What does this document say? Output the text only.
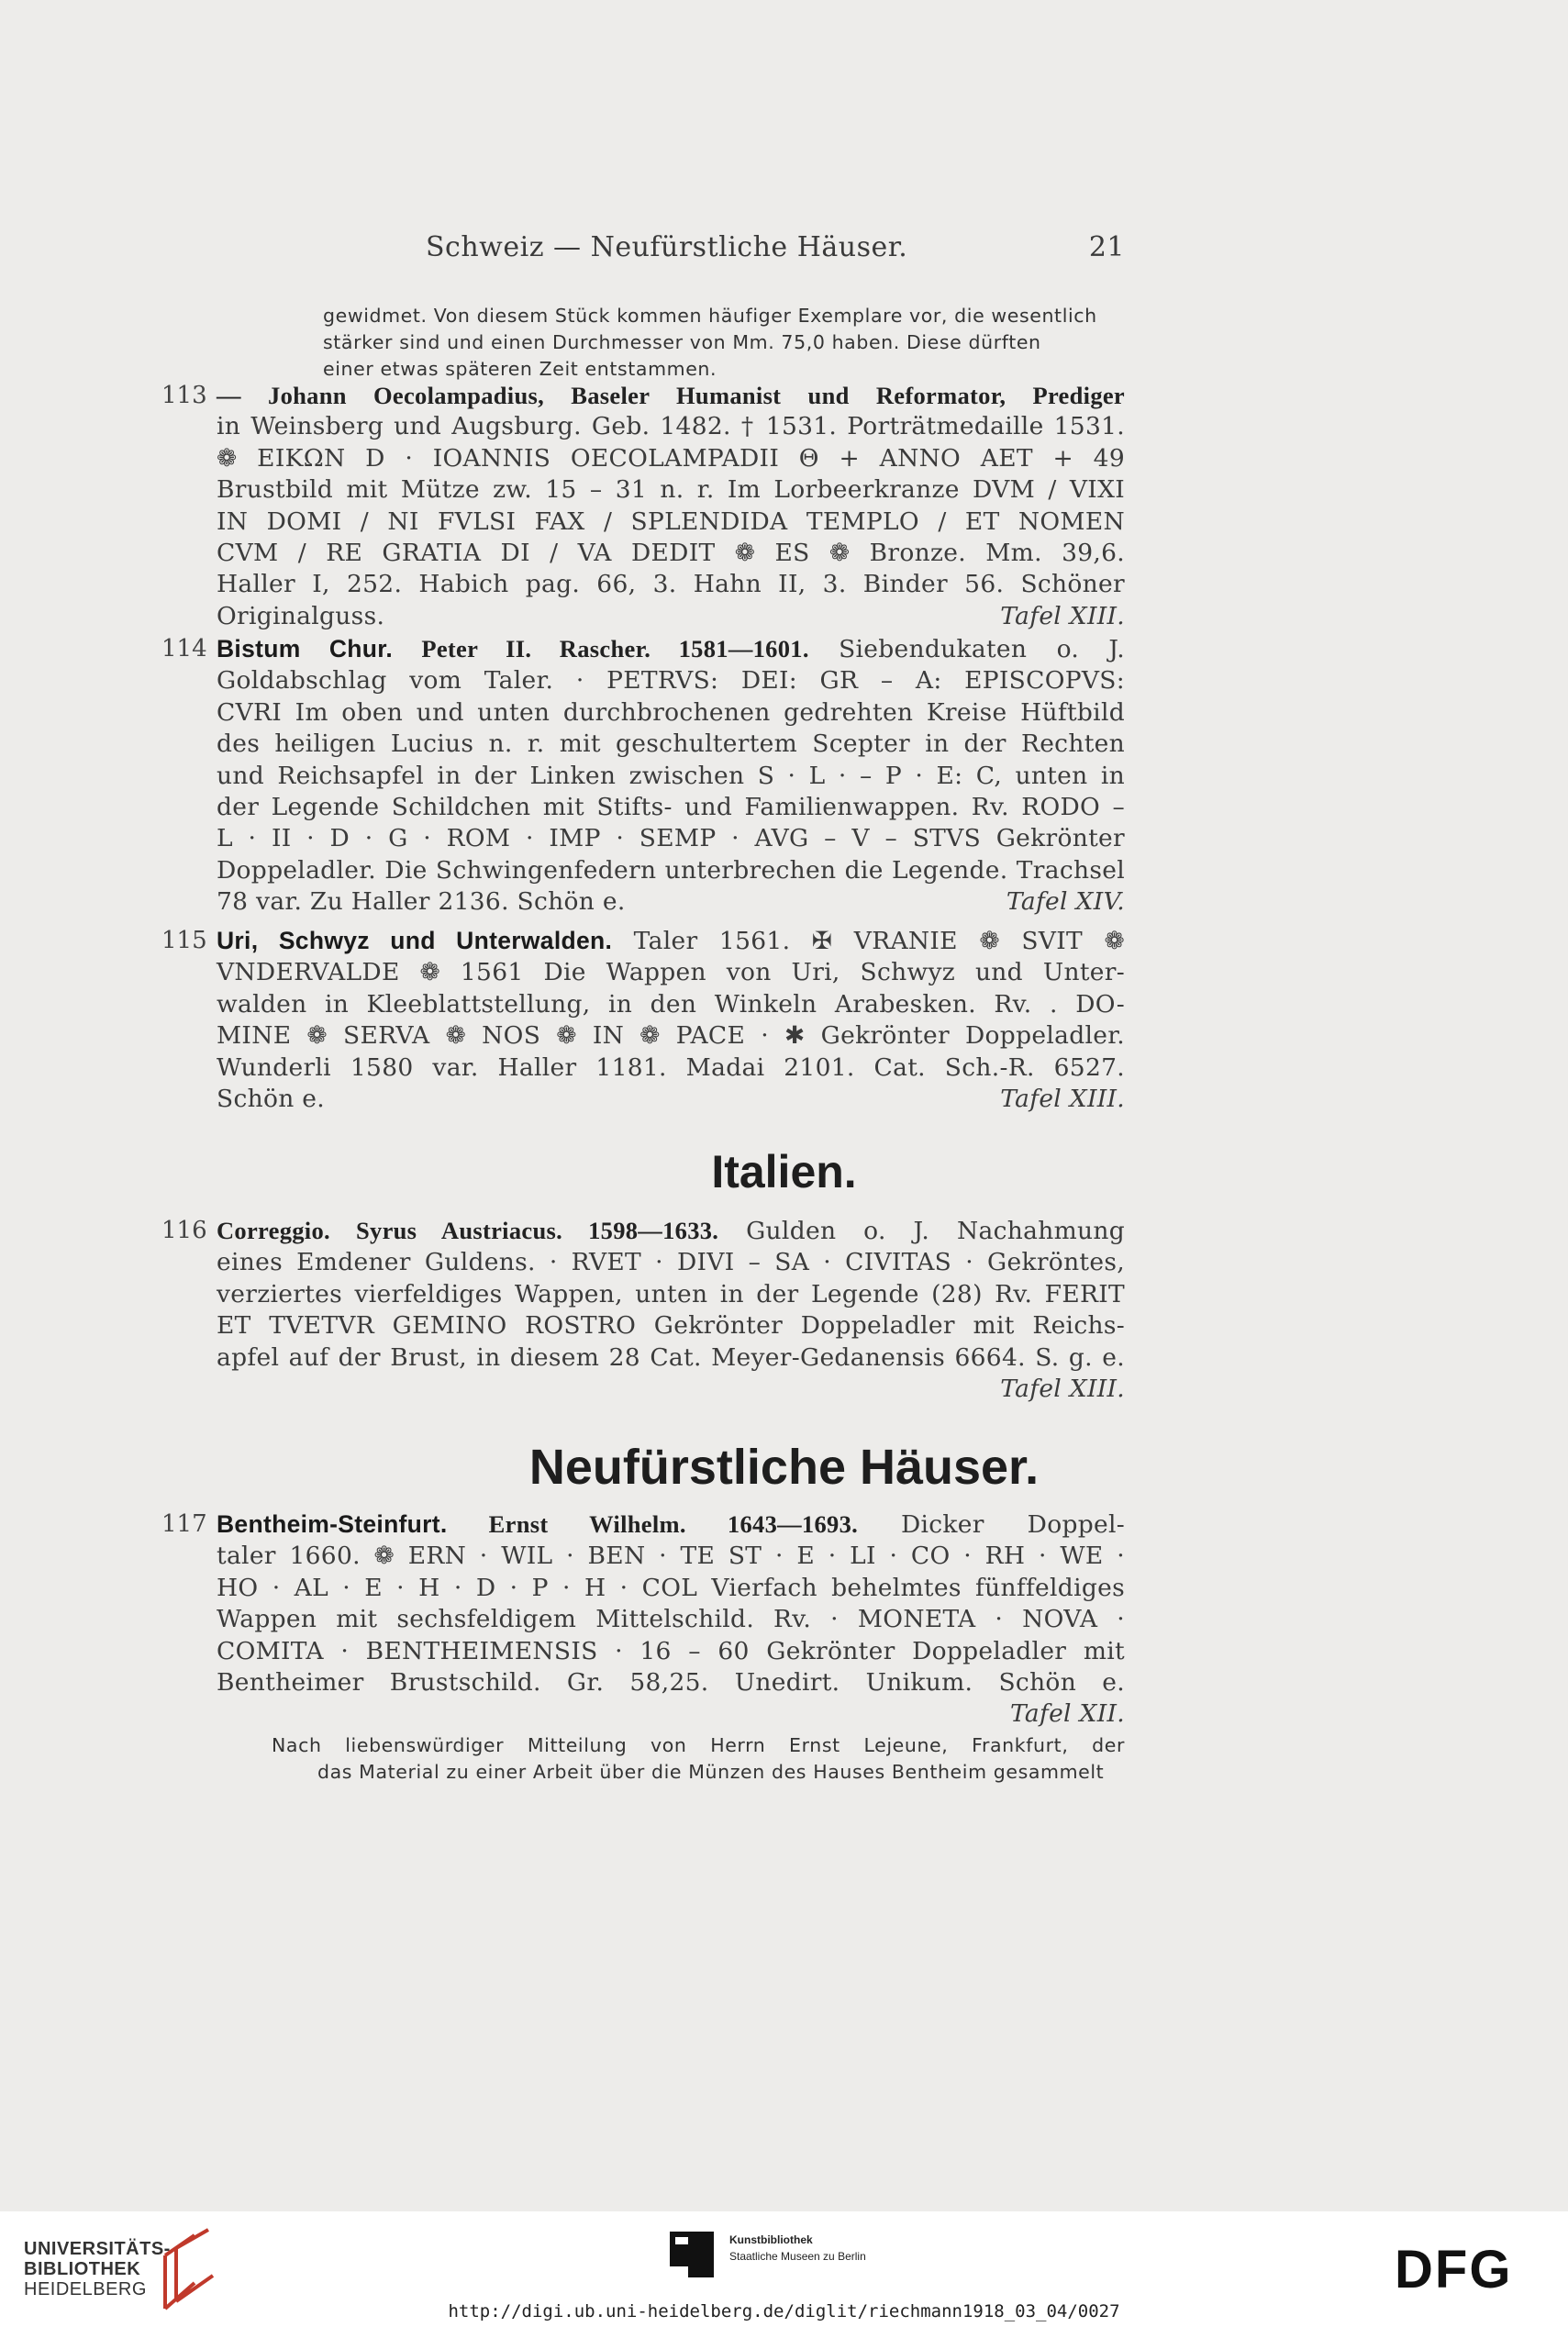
Schweiz — Neufürstliche Häuser.	21
gewidmet. Von diesem Stück kommen häufiger Exemplare vor, die wesentlich
stärker sind und einen Durchmesser von Mm. 75,0 haben. Diese dürften
einer etwas späteren Zeit entstammen.
113 — Johann Oecolampadius, Baseler Humanist und Reformator, Prediger
in Weinsberg und Augsburg. Geb. 1482. † 1531. Porträtmedaille 1531.
❁ EIKΩN D · IOANNIS OECOLAMPADII Θ + ANNO AET + 49
Brustbild mit Mütze zw. 15 – 31 n. r. Im Lorbeerkranze DVM / VIXI
IN DOMI / NI FVLSI FAX / SPLENDIDA TEMPLO / ET NOMEN
CVM / RE GRATIA DI / VA DEDIT ❁ ES ❁ Bronze. Mm. 39,6.
Haller I, 252. Habich pag. 66, 3. Hahn II, 3. Binder 56. Schöner
Originalguss.	Tafel XIII.
114 Bistum Chur. Peter II. Rascher. 1581—1601. Siebendukaten o. J.
Goldabschlag vom Taler. · PETRVS: DEI: GR – A: EPISCOPVS:
CVRI Im oben und unten durchbrochenen gedrehten Kreise Hüftbild
des heiligen Lucius n. r. mit geschultertem Scepter in der Rechten
und Reichsapfel in der Linken zwischen S · L · – P · E: C, unten in
der Legende Schildchen mit Stifts- und Familienwappen. Rv. RODO –
L · II · D · G · ROM · IMP · SEMP · AVG – V – STVS Gekrönter
Doppeladler. Die Schwingenfedern unterbrechen die Legende. Trachsel
78 var. Zu Haller 2136. Schön e.	Tafel XIV.
115 Uri, Schwyz und Unterwalden. Taler 1561. ✠ VRANIE ❁ SVIT ❁
VNDERVALDE ❁ 1561 Die Wappen von Uri, Schwyz und Unter-
walden in Kleeblattstellung, in den Winkeln Arabesken. Rv. . DO-
MINE ❁ SERVA ❁ NOS ❁ IN ❁ PACE · ✱ Gekrönter Doppeladler.
Wunderli 1580 var. Haller 1181. Madai 2101. Cat. Sch.-R. 6527.
Schön e.	Tafel XIII.
Italien.
116 Correggio. Syrus Austriacus. 1598—1633. Gulden o. J. Nachahmung
eines Emdener Guldens. · RVET · DIVI – SA · CIVITAS · Gekröntes,
verziertes vierfeldiges Wappen, unten in der Legende (28) Rv. FERIT
ET TVETVR GEMINO ROSTRO Gekrönter Doppeladler mit Reichs-
apfel auf der Brust, in diesem 28 Cat. Meyer-Gedanensis 6664. S. g. e.
Tafel XIII.
Neufürstliche Häuser.
117 Bentheim-Steinfurt. Ernst Wilhelm. 1643—1693. Dicker Doppel-
taler 1660. ❁ ERN · WIL · BEN · TE ST · E · LI · CO · RH · WE ·
HO · AL · E · H · D · P · H · COL Vierfach behelmtes fünffeldiges
Wappen mit sechsfeldigem Mittelschild. Rv. · MONETA · NOVA ·
COMITA · BENTHEIMENSIS · 16 – 60 Gekrönter Doppeladler mit
Bentheimer Brustschild. Gr. 58,25. Unedirt. Unikum. Schön e.
Tafel XII.
Nach liebenswürdiger Mitteilung von Herrn Ernst Lejeune, Frankfurt, der
das Material zu einer Arbeit über die Münzen des Hauses Bentheim gesammelt
UNIVERSITÄTS-
BIBLIOTHEK
HEIDELBERG
Kunstbibliothek
Staatliche Museen zu Berlin	DFG
http://digi.ub.uni-heidelberg.de/diglit/riechmann1918_03_04/0027
